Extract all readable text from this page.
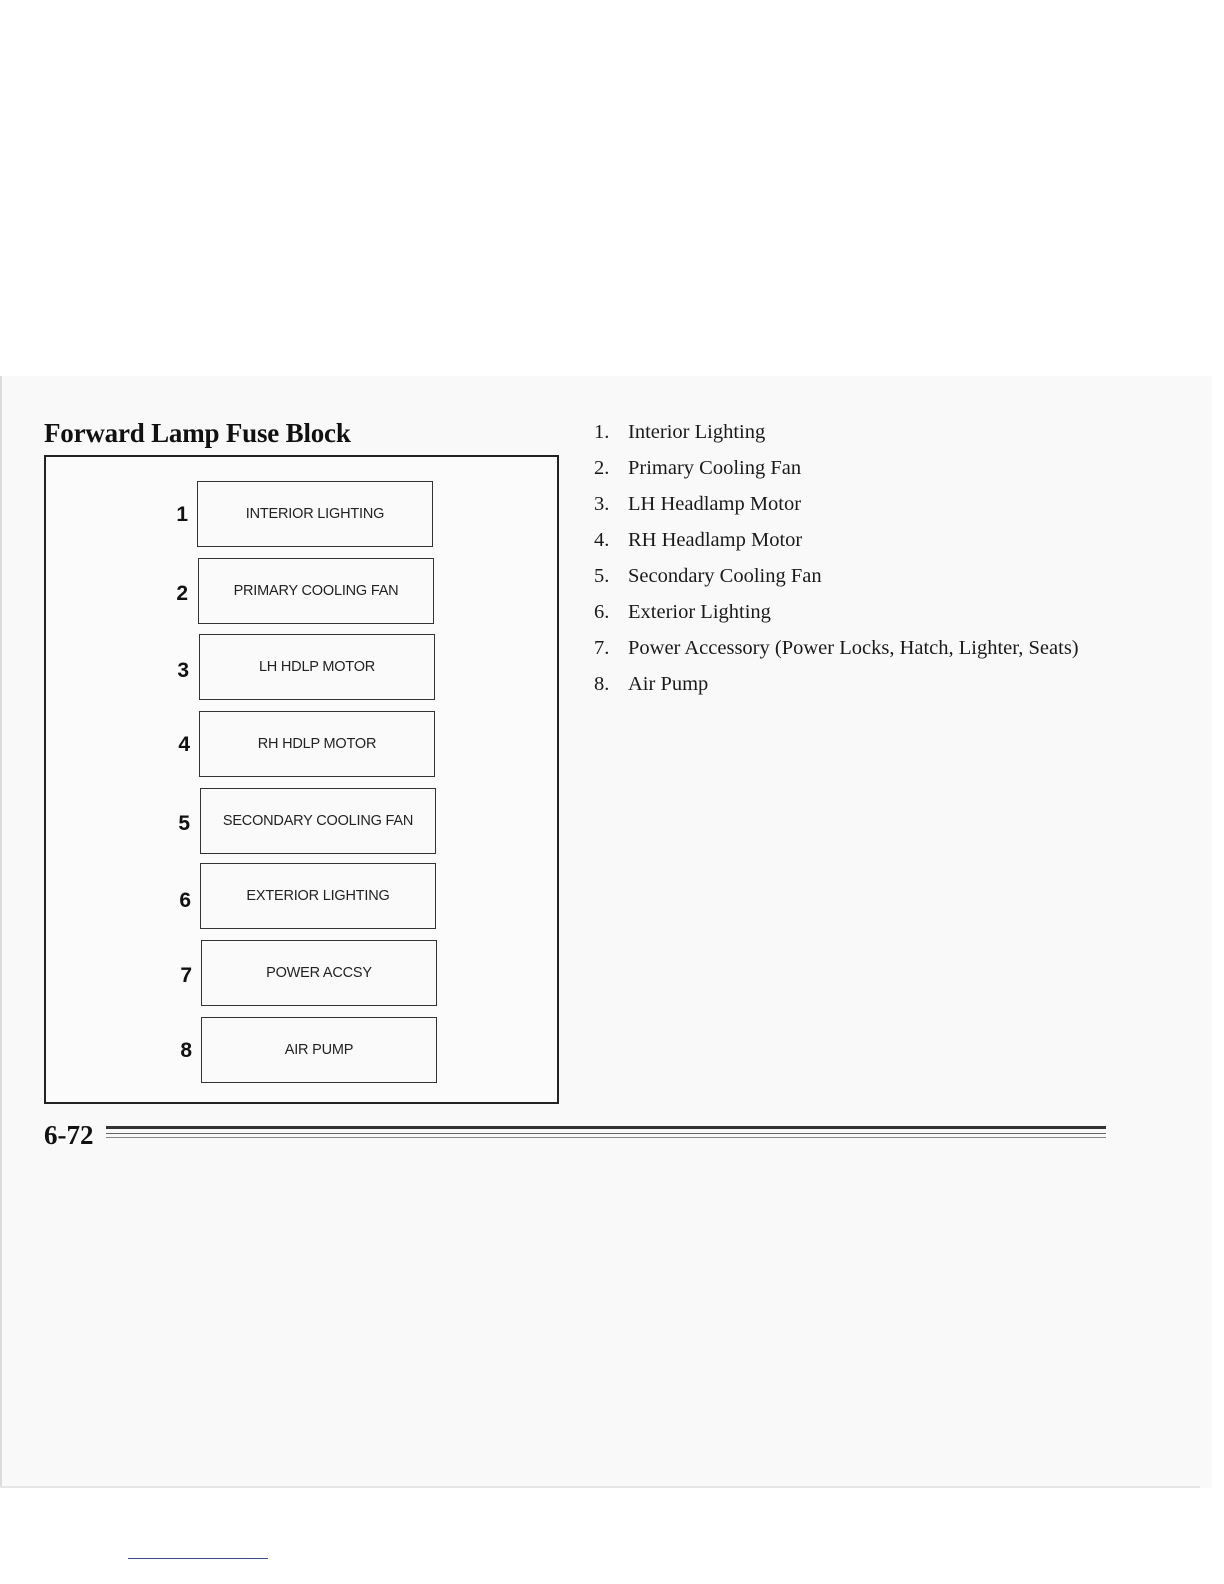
Forward Lamp Fuse Block
1	INTERIOR LIGHTING
2	PRIMARY COOLING FAN
3	LH HDLP MOTOR
4	RH HDLP MOTOR
5	SECONDARY COOLING FAN
6	EXTERIOR LIGHTING
7	POWER ACCSY
8	AIR PUMP
1. Interior Lighting
2. Primary Cooling Fan
3. LH Headlamp Motor
4. RH Headlamp Motor
5. Secondary Cooling Fan
6. Exterior Lighting
7. Power Accessory (Power Locks, Hatch, Lighter, Seats)
8. Air Pump
6-72
